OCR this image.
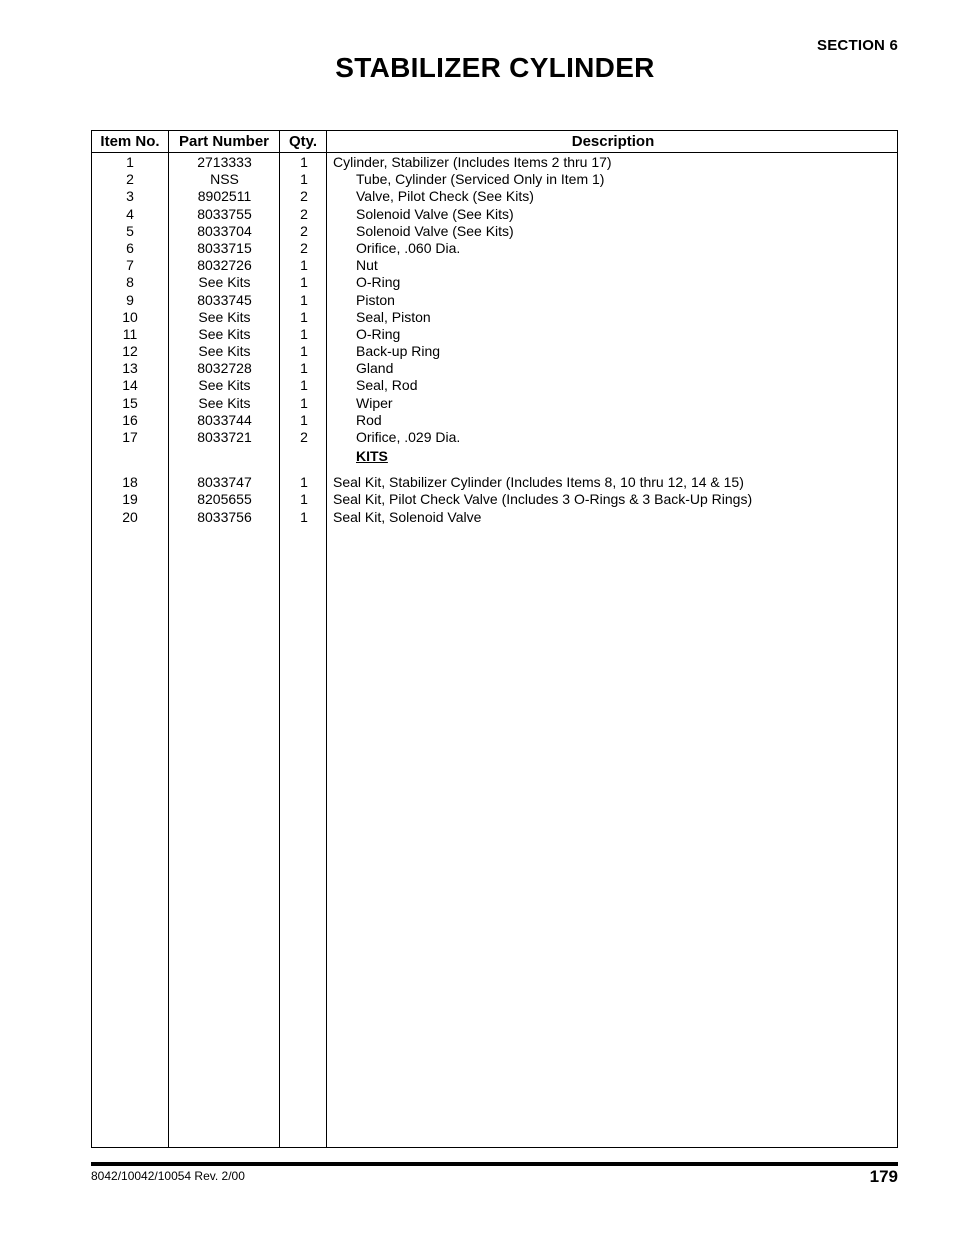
SECTION 6
STABILIZER CYLINDER
Item No.	Part Number	Qty.	Description
1	2713333	1	Cylinder, Stabilizer (Includes Items 2 thru 17)
2	NSS	1	Tube, Cylinder (Serviced Only in Item 1)
3	8902511	2	Valve, Pilot Check (See Kits)
4	8033755	2	Solenoid Valve (See Kits)
5	8033704	2	Solenoid Valve (See Kits)
6	8033715	2	Orifice, .060 Dia.
7	8032726	1	Nut
8	See Kits	1	O-Ring
9	8033745	1	Piston
10	See Kits	1	Seal, Piston
11	See Kits	1	O-Ring
12	See Kits	1	Back-up Ring
13	8032728	1	Gland
14	See Kits	1	Seal, Rod
15	See Kits	1	Wiper
16	8033744	1	Rod
17	8033721	2	Orifice, .029 Dia.
KITS
18	8033747	1	Seal Kit, Stabilizer Cylinder (Includes Items 8, 10 thru 12, 14 & 15)
19	8205655	1	Seal Kit, Pilot Check Valve (Includes 3 O-Rings & 3 Back-Up Rings)
20	8033756	1	Seal Kit, Solenoid Valve
8042/10042/10054 Rev. 2/00	179
